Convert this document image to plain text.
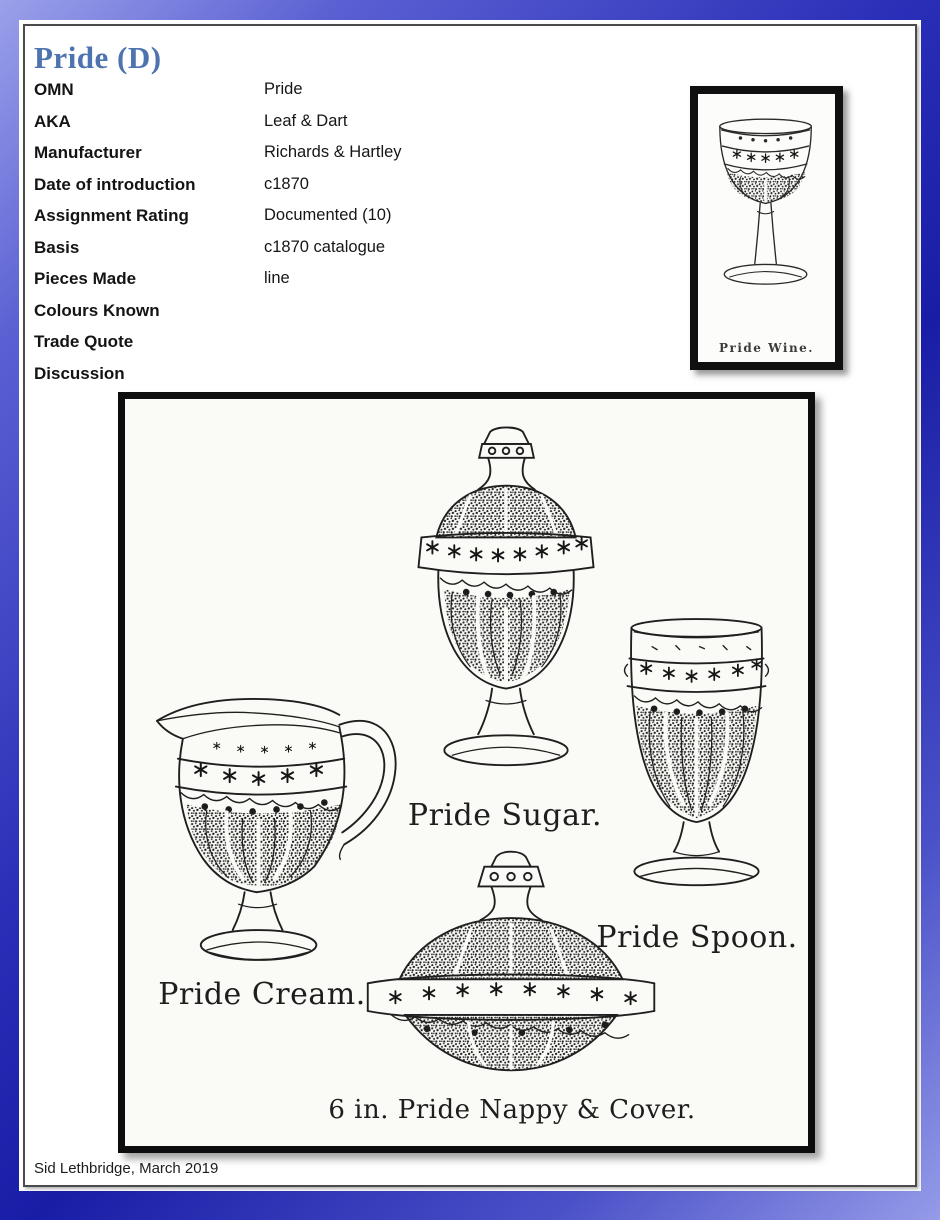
Pride (D)
OMN	Pride
AKA	Leaf & Dart
Manufacturer	Richards & Hartley
Date of introduction	c1870
Assignment Rating	Documented (10)
Basis	c1870 catalogue
Pieces Made	line
Colours Known
Trade Quote
Discussion
Pride Wine.
Pride Sugar.
Pride Cream.
Pride Spoon.
6 in. Pride Nappy & Cover.
Sid Lethbridge, March 2019
